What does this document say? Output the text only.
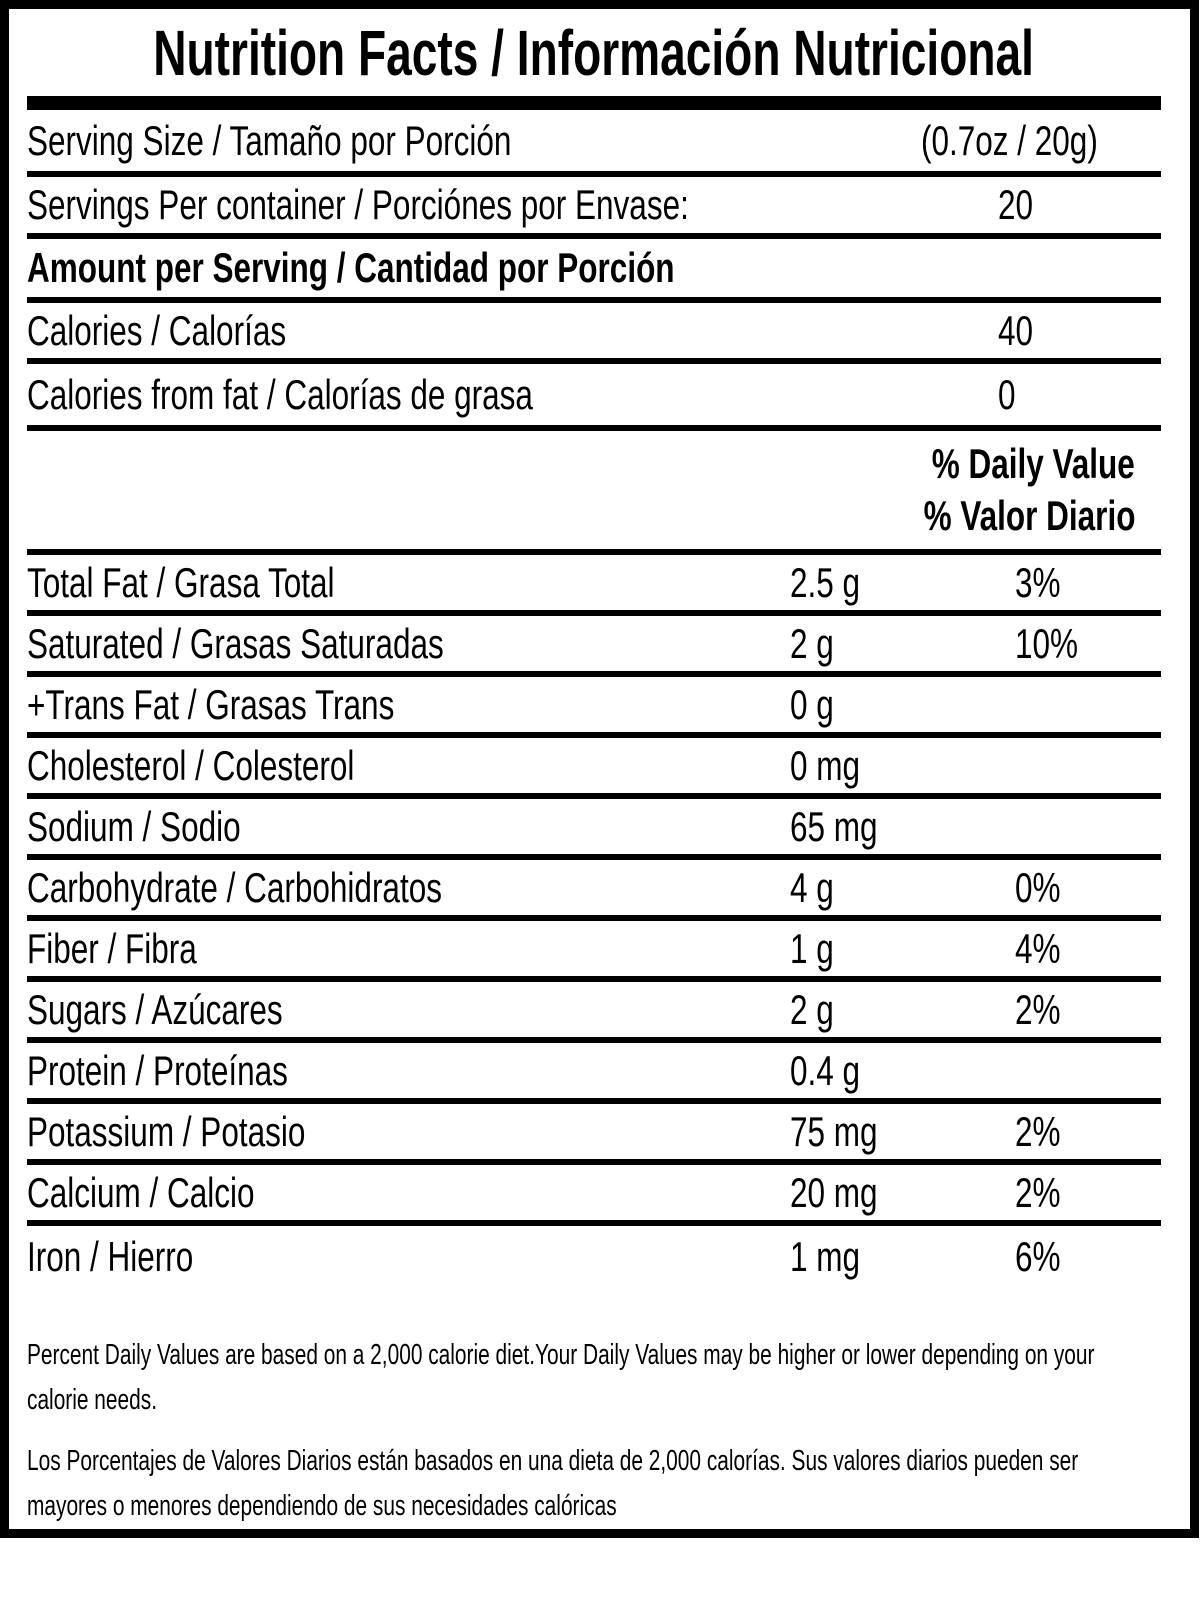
Nutrition Facts / Información Nutricional
Serving Size / Tamaño por Porción	(0.7oz / 20g)
Servings Per container / Porciónes por Envase:	20
Amount per Serving / Cantidad por Porción
Calories / Calorías	40
Calories from fat / Calorías de grasa	0
% Daily Value
% Valor Diario
Total Fat / Grasa Total	2.5 g	3%
Saturated / Grasas Saturadas	2 g	10%
+Trans Fat / Grasas Trans	0 g
Cholesterol / Colesterol	0 mg
Sodium / Sodio	65 mg
Carbohydrate / Carbohidratos	4 g	0%
Fiber / Fibra	1 g	4%
Sugars / Azúcares	2 g	2%
Protein / Proteínas	0.4 g
Potassium / Potasio	75 mg	2%
Calcium / Calcio	20 mg	2%
Iron / Hierro	1 mg	6%
Percent Daily Values are based on a 2,000 calorie diet.Your Daily Values may be higher or lower depending on your
calorie needs.
Los Porcentajes de Valores Diarios están basados en una dieta de 2,000 calorías. Sus valores diarios pueden ser
mayores o menores dependiendo de sus necesidades calóricas
